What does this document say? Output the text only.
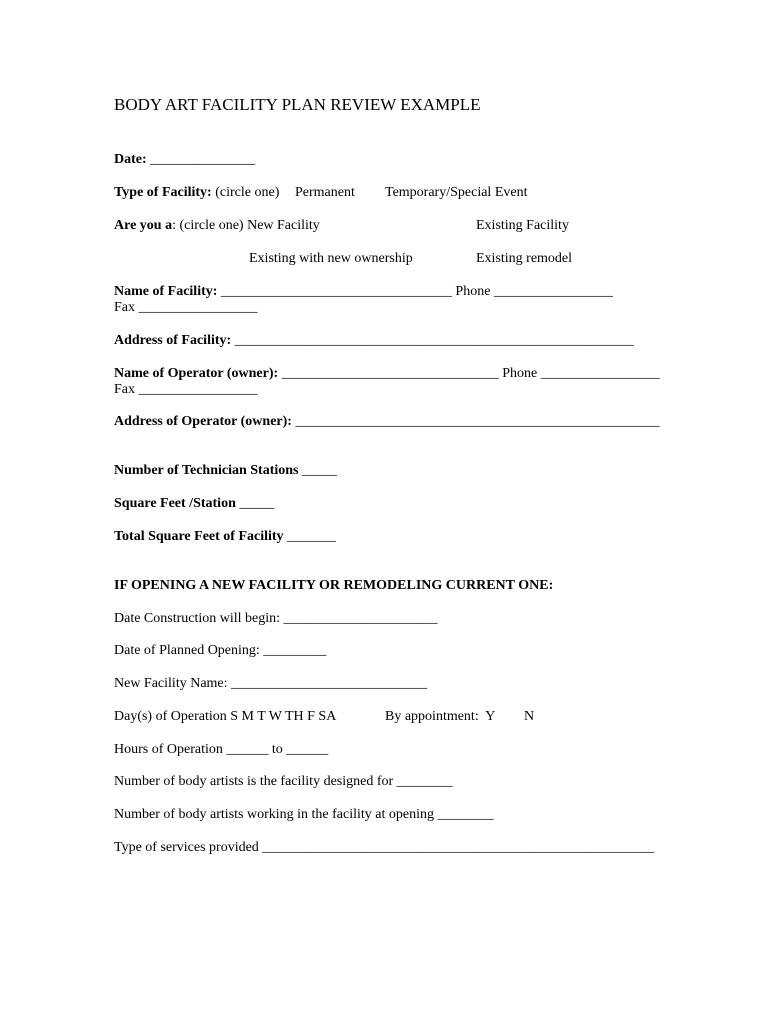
BODY ART FACILITY PLAN REVIEW EXAMPLE
Date: _______________
Type of Facility: (circle one) Permanent Temporary/Special Event
Are you a: (circle one) New Facility	Existing Facility
Existing with new ownership	Existing remodel
Name of Facility: _________________________________ Phone _________________
Fax _________________
Address of Facility: _________________________________________________________
Name of Operator (owner): _______________________________ Phone _________________
Fax _________________
Address of Operator (owner): ____________________________________________________
Number of Technician Stations _____
Square Feet /Station _____
Total Square Feet of Facility _______
IF OPENING A NEW FACILITY OR REMODELING CURRENT ONE:
Date Construction will begin: ______________________
Date of Planned Opening: _________
New Facility Name: ____________________________
Day(s) of Operation S M T W TH F SA	By appointment:  Y N
Hours of Operation ______ to ______
Number of body artists is the facility designed for ________
Number of body artists working in the facility at opening ________
Type of services provided ________________________________________________________
